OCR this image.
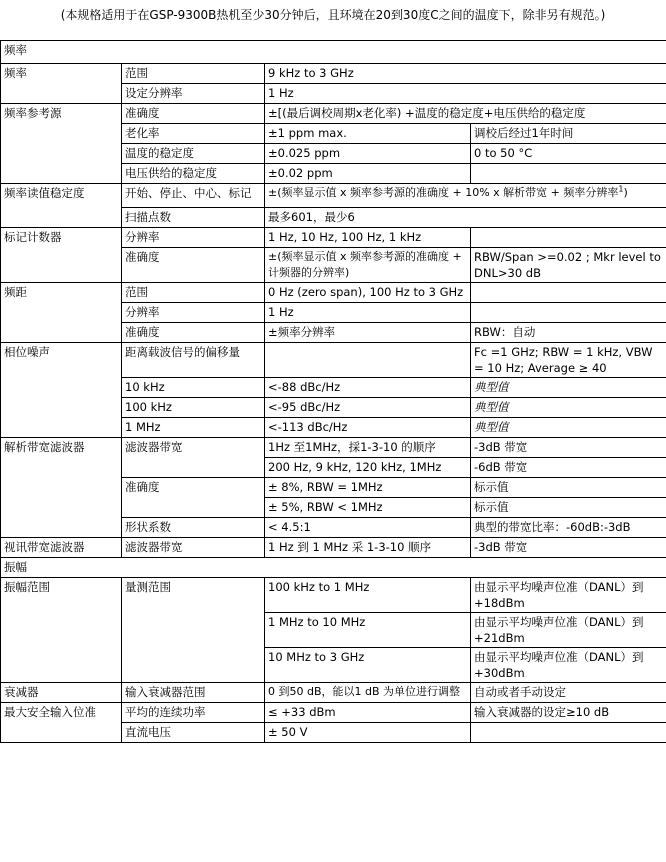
(本规格适用于在GSP-9300B热机至少30分钟后，且环境在20到30度C之间的温度下，除非另有规范。)
频率			
频率	范围	9 kHz to 3 GHz	
	设定分辨率	1 Hz	
频率参考源	准确度	±[(最后调校周期x老化率) +温度的稳定度+电压供给的稳定度	
	老化率	±1 ppm max.	调校后经过1年时间
	温度的稳定度	±0.025 ppm	0 to 50 °C
	电压供给的稳定度	±0.02 ppm	
频率读值稳定度	开始、停止、中心、标记	±(频率显示值 x 频率参考源的准确度 + 10% x 解析带宽 + 频率分辨率$^1$)	
	扫描点数	最多601，最少6	
标记计数器	分辨率	1 Hz, 10 Hz, 100 Hz, 1 kHz	
	准确度	±(频率显示值 x 频率参考源的准确度 + 计频器的分辨率)	RBW/Span >=0.02 ; Mkr level to DNL>30 dB
频距	范围	0 Hz (zero span), 100 Hz to 3 GHz	
	分辨率	1 Hz	
	准确度	±频率分辨率	RBW：自动
相位噪声	距离载波信号的偏移量		Fc =1 GHz; RBW = 1 kHz, VBW = 10 Hz; Average ≥ 40
	10 kHz	<-88 dBc/Hz	典型值
	100 kHz	<-95 dBc/Hz	典型值
	1 MHz	<-113 dBc/Hz	典型值
解析带宽滤波器	滤波器带宽	1Hz 至1MHz，採1-3-10 的顺序	-3dB 带宽
		200 Hz, 9 kHz, 120 kHz, 1MHz	-6dB 带宽
	准确度	± 8%, RBW = 1MHz	标示值
		± 5%, RBW < 1MHz	标示值
	形状系数	< 4.5:1	典型的带宽比率：-60dB:-3dB
视讯带宽滤波器	滤波器带宽	1 Hz 到 1 MHz 采 1-3-10 顺序	-3dB 带宽
振幅			
振幅范围	量测范围	100 kHz to 1 MHz	由显示平均噪声位准（DANL）到 +18dBm
		1 MHz to 10 MHz	由显示平均噪声位准（DANL）到 +21dBm
		10 MHz to 3 GHz	由显示平均噪声位准（DANL）到 +30dBm
衰减器	输入衰减器范围	0 到50 dB，能以1 dB 为单位进行调整	自动或者手动设定
最大安全输入位准	平均的连续功率	≤ +33 dBm	输入衰减器的设定≥10 dB
	直流电压	± 50 V	
